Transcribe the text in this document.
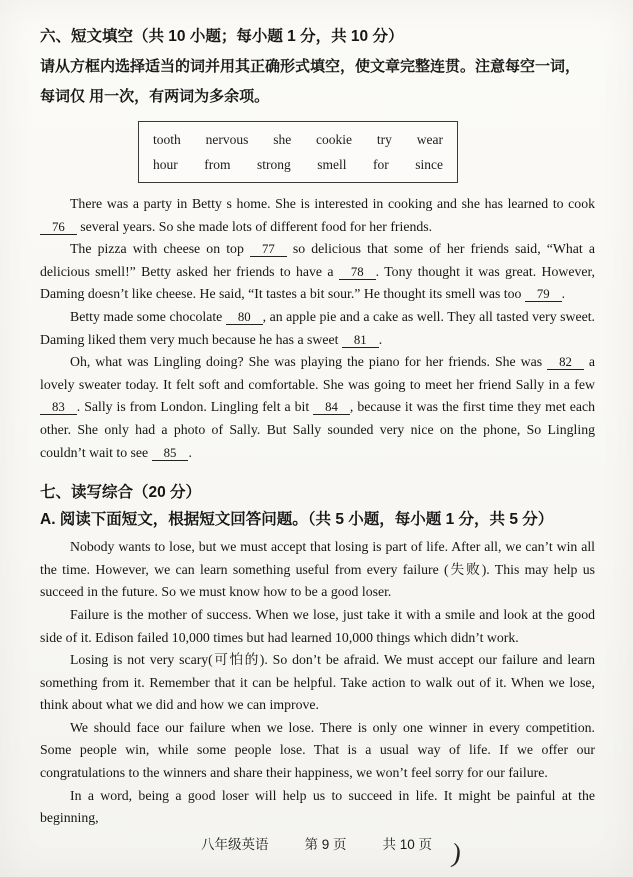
六、短文填空（共 10 小题；每小题 1 分，共 10 分）

请从方框内选择适当的词并用其正确形式填空，使文章完整连贯。注意每空一词，

每词仅 用一次，有两词为多余项。

tooth nervous she cookie try wear
hour from strong smell for since

There was a party in Betty s home. She is interested in cooking and she has learned to cook 76 several years. So she made lots of different food for her friends.

The pizza with cheese on top 77 so delicious that some of her friends said, “What a delicious smell!” Betty asked her friends to have a 78 . Tony thought it was great. However, Daming doesn’t like cheese. He said, “It tastes a bit sour.” He thought its smell was too 79 .

Betty made some chocolate 80 , an apple pie and a cake as well. They all tasted very sweet. Daming liked them very much because he has a sweet 81 .

Oh, what was Lingling doing? She was playing the piano for her friends. She was 82 a lovely sweater today. It felt soft and comfortable. She was going to meet her friend Sally in a few 83 . Sally is from London. Lingling felt a bit 84 , because it was the first time they met each other. She only had a photo of Sally. But Sally sounded very nice on the phone, So Lingling couldn’t wait to see 85 .

七、读写综合（20 分）

A. 阅读下面短文，根据短文回答问题。（共 5 小题，每小题 1 分，共 5 分）

Nobody wants to lose, but we must accept that losing is part of life. After all, we can’t win all the time. However, we can learn something useful from every failure (失败). This may help us succeed in the future. So we must know how to be a good loser.

Failure is the mother of success. When we lose, just take it with a smile and look at the good side of it. Edison failed 10,000 times but had learned 10,000 things which didn’t work.

Losing is not very scary(可怕的). So don’t be afraid. We must accept our failure and learn something from it. Remember that it can be helpful. Take action to walk out of it. When we lose, think about what we did and how we can improve.

We should face our failure when we lose. There is only one winner in every competition. Some people win, while some people lose. That is a usual way of life. If we offer our congratulations to the winners and share their happiness, we won’t feel sorry for our failure.

In a word, being a good loser will help us to succeed in life. It might be painful at the beginning,

八年级英语	第 9 页	共 10 页 )
